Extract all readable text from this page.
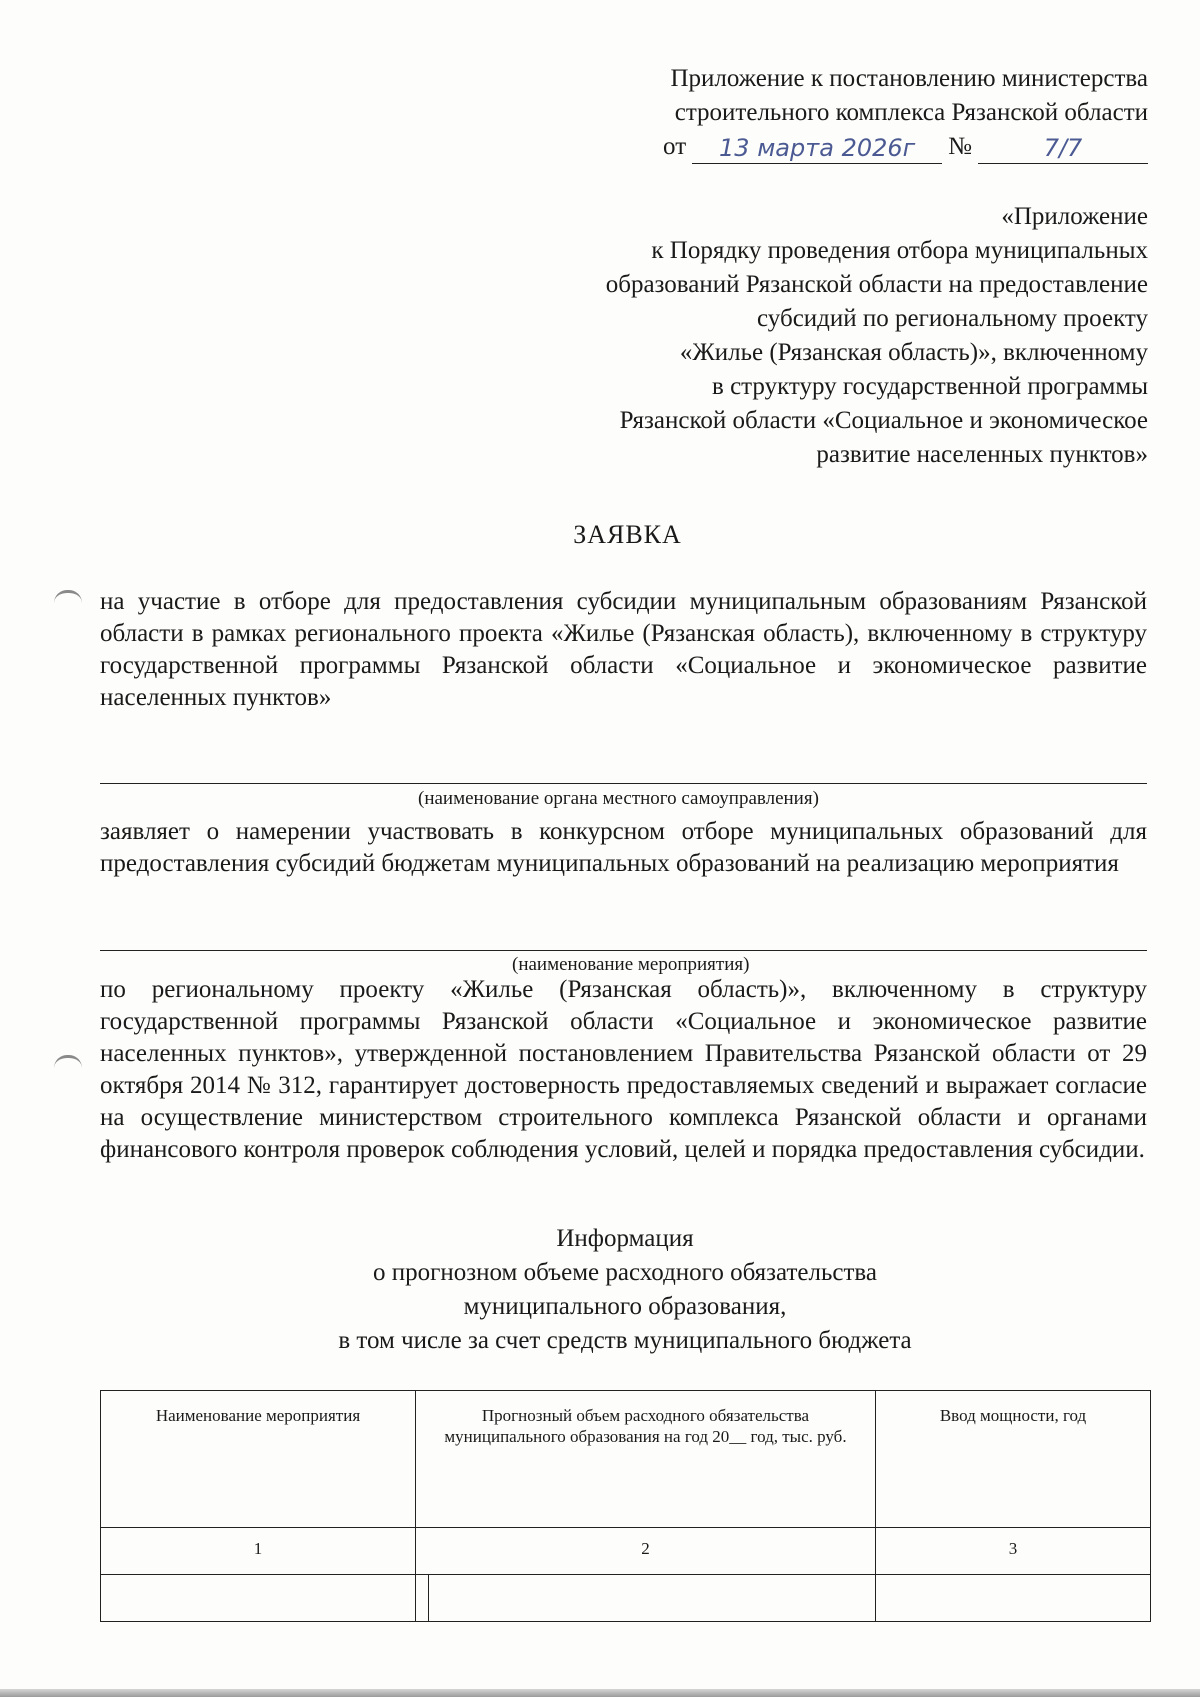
Приложение к постановлению министерства
строительного комплекса Рязанской области
от	13 марта 2026г	№	7/7
«Приложение
к Порядку проведения отбора муниципальных
образований Рязанской области на предоставление
субсидий по региональному проекту
«Жилье (Рязанская область)», включенному
в структуру государственной программы
Рязанской области «Социальное и экономическое
развитие населенных пунктов»
ЗАЯВКА
на участие в отборе для предоставления субсидии муниципальным образованиям Рязанской области в рамках регионального проекта «Жилье (Рязанская область), включенному в структуру государственной программы Рязанской области «Социальное и экономическое развитие населенных пунктов»
(наименование органа местного самоуправления)
заявляет о намерении участвовать в конкурсном отборе муниципальных образований для предоставления субсидий бюджетам муниципальных образований на реализацию мероприятия
(наименование мероприятия)
по региональному проекту «Жилье (Рязанская область)», включенному в структуру государственной программы Рязанской области «Социальное и экономическое развитие населенных пунктов», утвержденной постановлением Правительства Рязанской области от 29 октября 2014 № 312, гарантирует достоверность предоставляемых сведений и выражает согласие на осуществление министерством строительного комплекса Рязанской области и органами финансового контроля проверок соблюдения условий, целей и порядка предоставления субсидии.
Информация
о прогнозном объеме расходного обязательства
муниципального образования,
в том числе за счет средств муниципального бюджета
Наименование мероприятия	Прогнозный объем расходного обязательства муниципального образования на год 20__ год, тыс. руб.	Ввод мощности, год
1	2	3
